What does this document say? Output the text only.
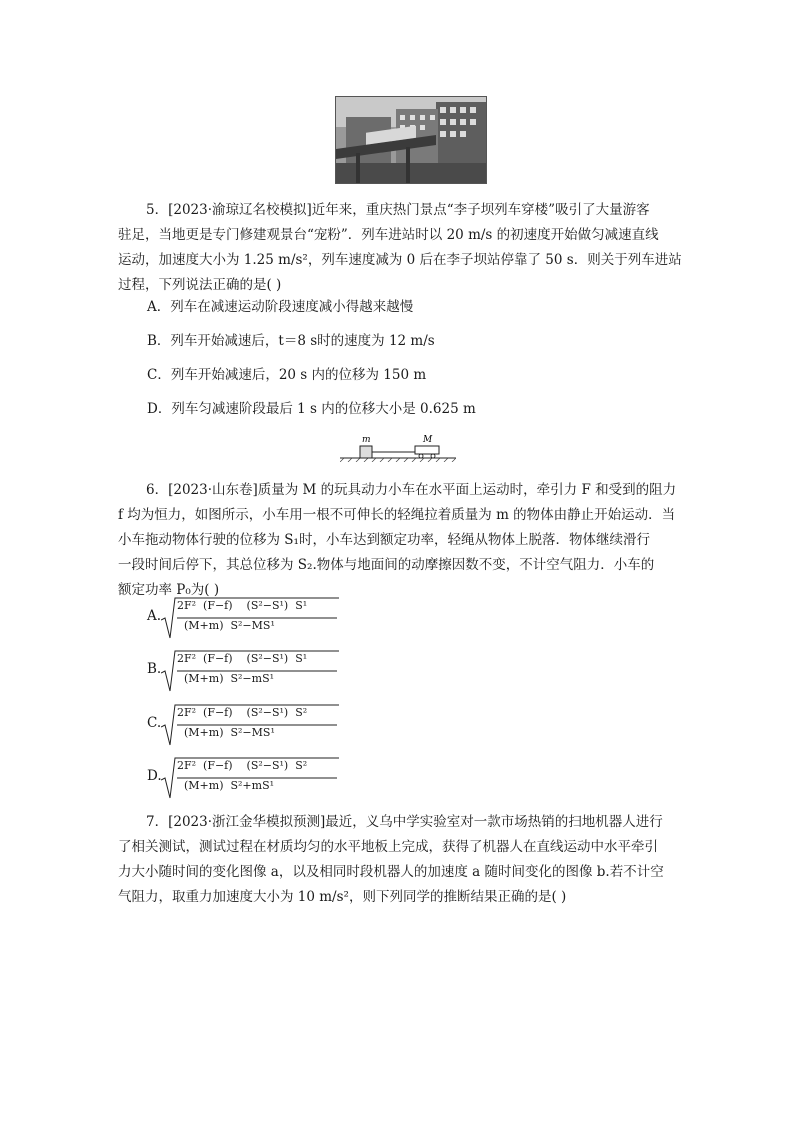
5．[2023·渝琼辽名校模拟]近年来，重庆热门景点“李子坝列车穿楼”吸引了大量游客
驻足，当地更是专门修建观景台“宠粉”．列车进站时以 20 m/s 的初速度开始做匀减速直线
运动，加速度大小为 1.25 m/s²，列车速度减为 0 后在李子坝站停靠了 50 s．则关于列车进站
过程，下列说法正确的是( )
A．列车在减速运动阶段速度减小得越来越慢
B．列车开始减速后，t＝8 s时的速度为 12 m/s
C．列车开始减速后，20 s 内的位移为 150 m
D．列车匀减速阶段最后 1 s 内的位移大小是 0.625 m
m	M
6．[2023·山东卷]质量为 M 的玩具动力小车在水平面上运动时，牵引力 F 和受到的阻力
f 均为恒力，如图所示，小车用一根不可伸长的轻绳拉着质量为 m 的物体由静止开始运动．当
小车拖动物体行驶的位移为 S₁时，小车达到额定功率，轻绳从物体上脱落．物体继续滑行
一段时间后停下，其总位移为 S₂.物体与地面间的动摩擦因数不变，不计空气阻力．小车的
额定功率 P₀为( )
A.
2F²  (F−f)    (S²−S¹)  S¹
(M+m)  S²−MS¹
B.
2F²  (F−f)    (S²−S¹)  S¹
(M+m)  S²−mS¹
C.
2F²  (F−f)    (S²−S¹)  S²
(M+m)  S²−MS¹
D.
2F²  (F−f)    (S²−S¹)  S²
(M+m)  S²+mS¹
7．[2023·浙江金华模拟预测]最近，义乌中学实验室对一款市场热销的扫地机器人进行
了相关测试，测试过程在材质均匀的水平地板上完成，获得了机器人在直线运动中水平牵引
力大小随时间的变化图像 a，以及相同时段机器人的加速度 a 随时间变化的图像 b.若不计空
气阻力，取重力加速度大小为 10 m/s²，则下列同学的推断结果正确的是( )
